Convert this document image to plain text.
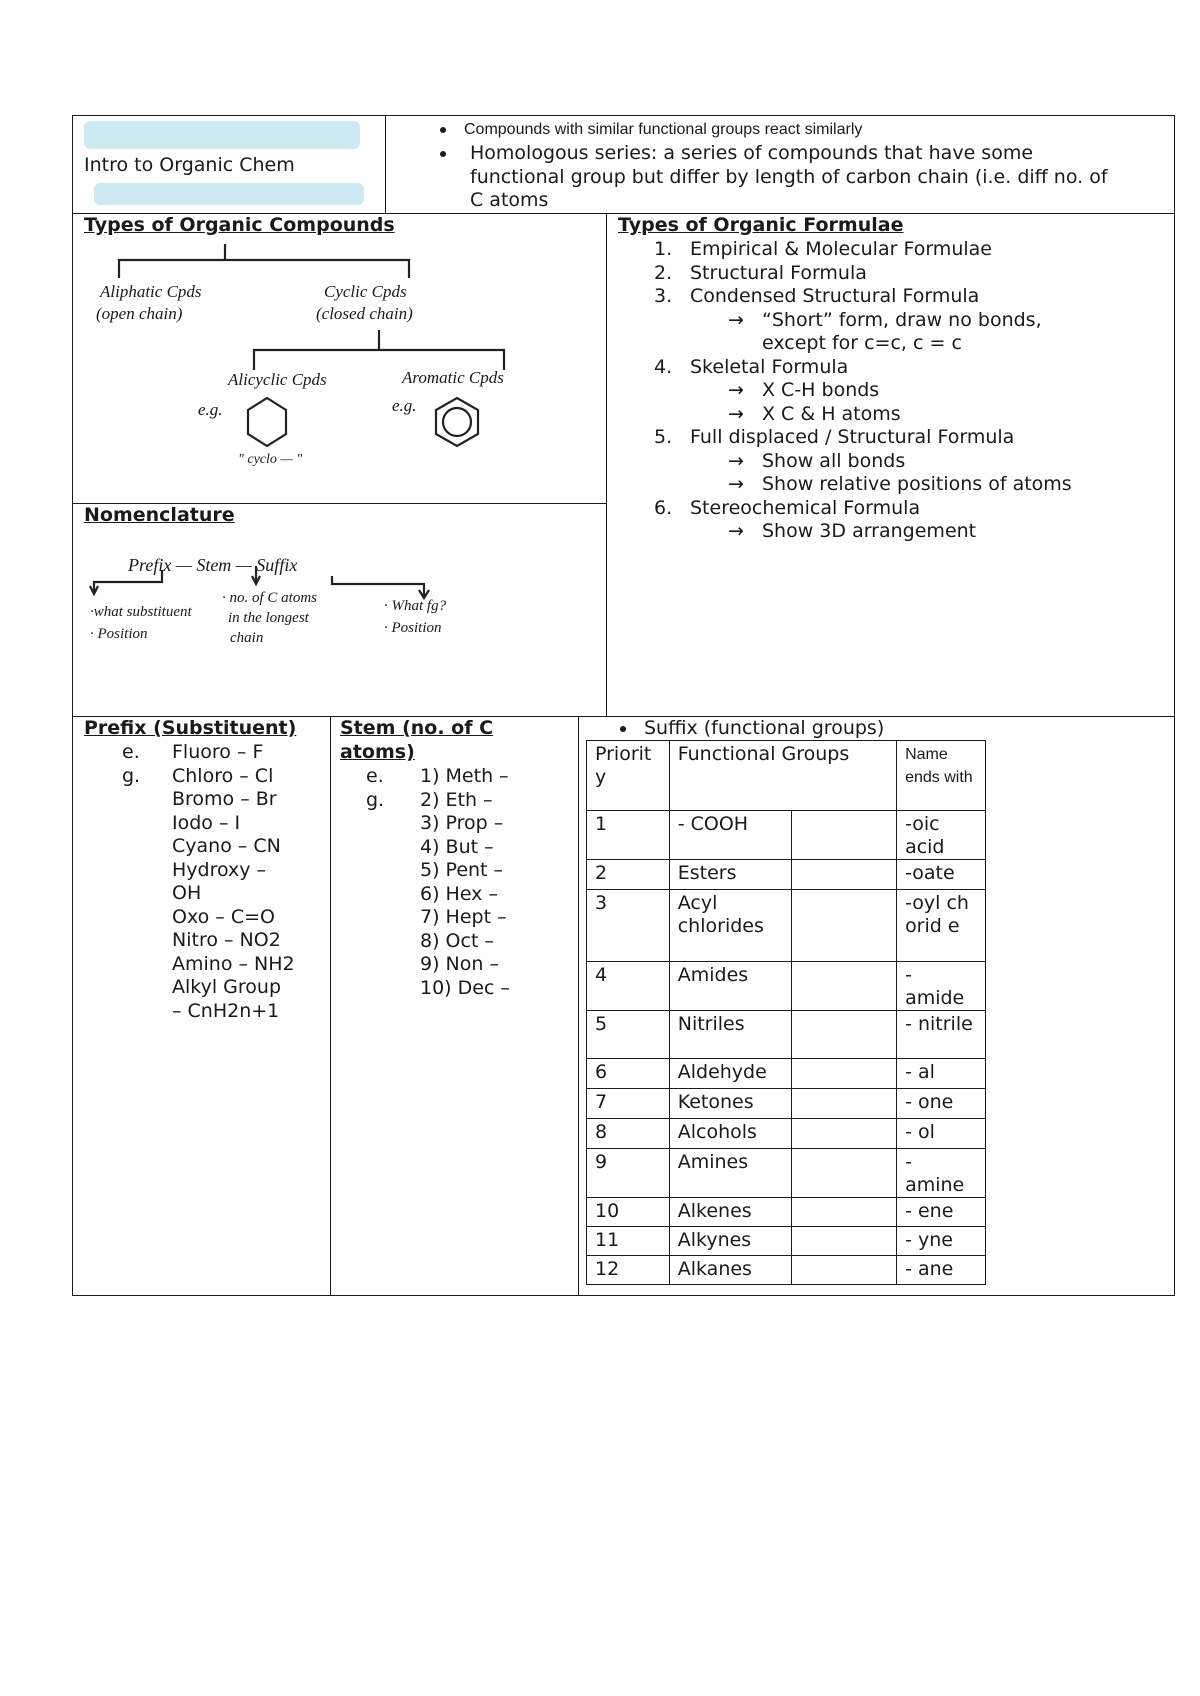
Intro to Organic Chem
Compounds with similar functional groups react similarly
Homologous series: a series of compounds that have some
functional group but differ by length of carbon chain (i.e. diff no. of
C atoms
Types of Organic Compounds
Aliphatic Cpds
(open chain)
Cyclic Cpds
(closed chain)
Alicyclic Cpds	Aromatic Cpds
e.g.	e.g.
" cyclo — "
Types of Organic Formulae
1. Empirical & Molecular Formulae
2. Structural Formula
3. Condensed Structural Formula
→ “Short” form, draw no bonds,
except for c=c, c = c
4. Skeletal Formula
→ X C-H bonds
→ X C & H atoms
5. Full displaced / Structural Formula
→ Show all bonds
→ Show relative positions of atoms
6. Stereochemical Formula
→ Show 3D arrangement
Nomenclature
Prefix — Stem — Suffix
·what substituent
· Position
· no. of C atoms
in the longest
chain
· What fg?
· Position
Prefix (Substituent)
e.
g.
Fluoro – F
Chloro – Cl
Bromo – Br
Iodo – I
Cyano – CN
Hydroxy –
OH
Oxo – C=O
Nitro – NO2
Amino – NH2
Alkyl Group
– CnH2n+1
Stem (no. of C
atoms)
e.
g.
1) Meth –
2) Eth –
3) Prop –
4) But –
5) Pent –
6) Hex –
7) Hept –
8) Oct –
9) Non –
10) Dec –
Suffix (functional groups)
Priorit y	Functional Groups		Name ends with
1	- COOH		-oic acid
2	Esters		-oate
3	Acyl chlorides		-oyl chorid e
4	Amides		- amide
5	Nitriles		- nitrile
6	Aldehyde		- al
7	Ketones		- one
8	Alcohols		- ol
9	Amines		- amine
10	Alkenes		- ene
11	Alkynes		- yne
12	Alkanes		- ane
